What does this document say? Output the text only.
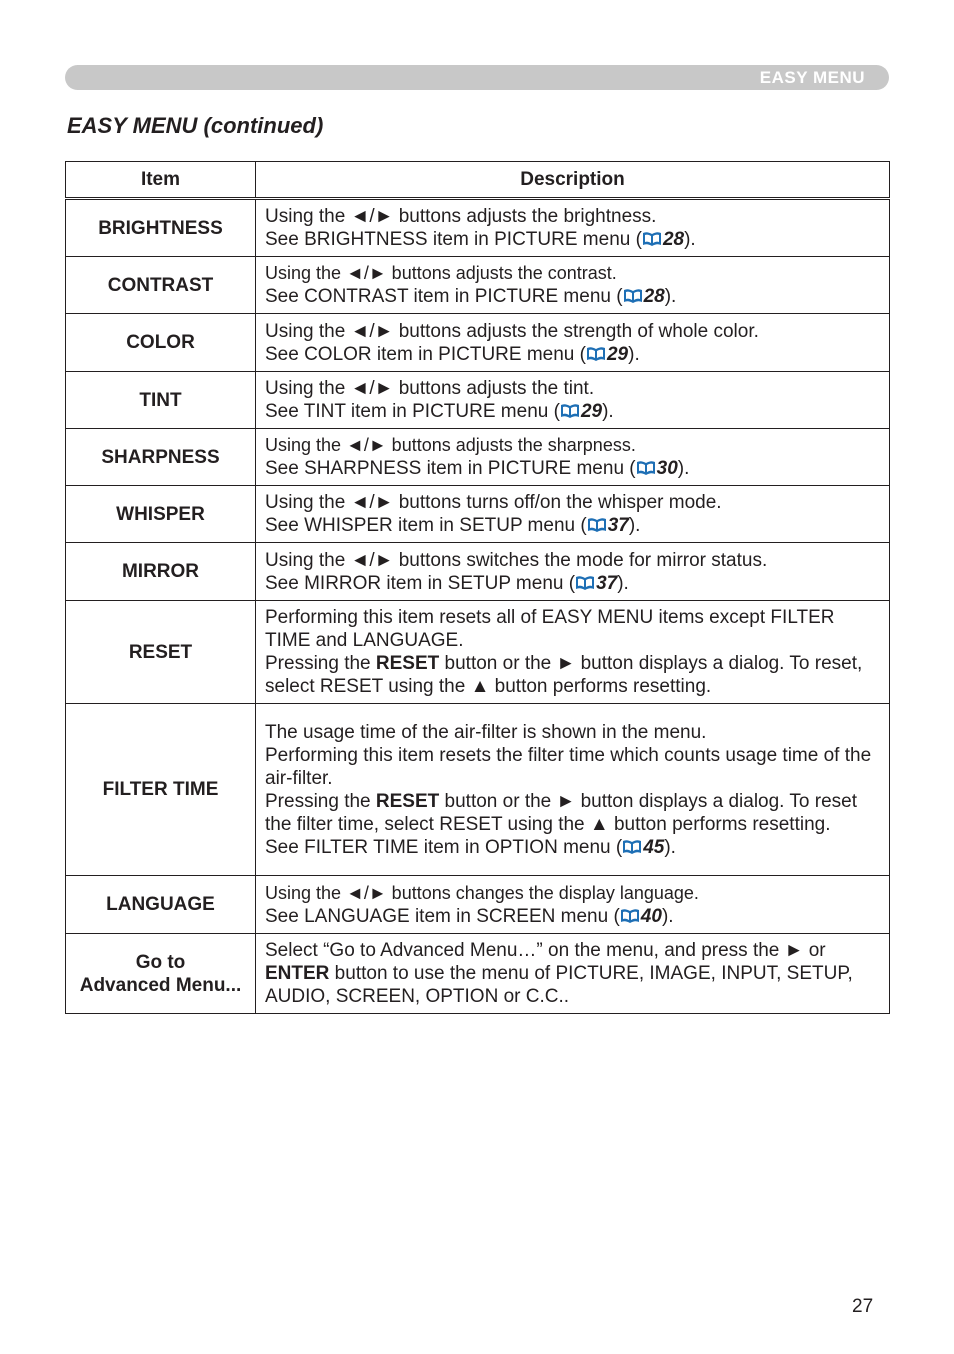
EASY MENU
EASY MENU (continued)
Item	Description
BRIGHTNESS	Using the ◄/► buttons adjusts the brightness.
See BRIGHTNESS item in PICTURE menu ( 28).

CONTRAST	Using the ◄/► buttons adjusts the contrast.
See CONTRAST item in PICTURE menu ( 28).

COLOR	Using the ◄/► buttons adjusts the strength of whole color.
See COLOR item in PICTURE menu ( 29).

TINT	Using the ◄/► buttons adjusts the tint.
See TINT item in PICTURE menu ( 29).

SHARPNESS	Using the ◄/► buttons adjusts the sharpness.
See SHARPNESS item in PICTURE menu ( 30).

WHISPER	Using the ◄/► buttons turns off/on the whisper mode.
See WHISPER item in SETUP menu ( 37).

MIRROR	Using the ◄/► buttons switches the mode for mirror status.
See MIRROR item in SETUP menu ( 37).

RESET	Performing this item resets all of EASY MENU items except FILTER TIME and LANGUAGE.
Pressing the RESET button or the ► button displays a dialog. To reset, select RESET using the ▲ button performs resetting.

FILTER TIME	The usage time of the air-filter is shown in the menu.
Performing this item resets the filter time which counts usage time of the air-filter.
Pressing the RESET button or the ► button displays a dialog. To reset the filter time, select RESET using the ▲ button performs resetting.
See FILTER TIME item in OPTION menu ( 45).

LANGUAGE	Using the ◄/► buttons changes the display language.
See LANGUAGE item in SCREEN menu ( 40).

Go to
Advanced Menu...	Select “Go to Advanced Menu…” on the menu, and press the ► or ENTER button to use the menu of PICTURE, IMAGE, INPUT, SETUP, AUDIO, SCREEN, OPTION or C.C..
27
